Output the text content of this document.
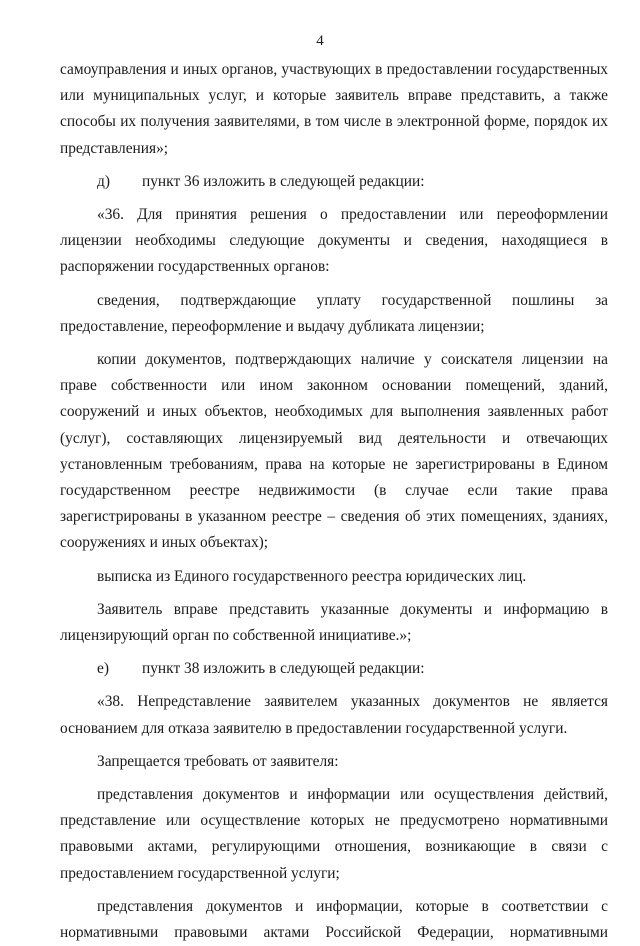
4

самоуправления и иных органов, участвующих в предоставлении государственных или муниципальных услуг, и которые заявитель вправе представить, а также способы их получения заявителями, в том числе в электронной форме, порядок их представления»;

д) пункт 36 изложить в следующей редакции:

«36. Для принятия решения о предоставлении или переоформлении лицензии необходимы следующие документы и сведения, находящиеся в распоряжении государственных органов:

сведения, подтверждающие уплату государственной пошлины за предоставление, переоформление и выдачу дубликата лицензии;

копии документов, подтверждающих наличие у соискателя лицензии на праве собственности или ином законном основании помещений, зданий, сооружений и иных объектов, необходимых для выполнения заявленных работ (услуг), составляющих лицензируемый вид деятельности и отвечающих установленным требованиям, права на которые не зарегистрированы в Едином государственном реестре недвижимости (в случае если такие права зарегистрированы в указанном реестре – сведения об этих помещениях, зданиях, сооружениях и иных объектах);

выписка из Единого государственного реестра юридических лиц.

Заявитель вправе представить указанные документы и информацию в лицензирующий орган по собственной инициативе.»;

е) пункт 38 изложить в следующей редакции:

«38. Непредставление заявителем указанных документов не является основанием для отказа заявителю в предоставлении государственной услуги.

Запрещается требовать от заявителя:

представления документов и информации или осуществления действий, представление или осуществление которых не предусмотрено нормативными правовыми актами, регулирующими отношения, возникающие в связи с предоставлением государственной услуги;

представления документов и информации, которые в соответствии с нормативными правовыми актами Российской Федерации, нормативными
